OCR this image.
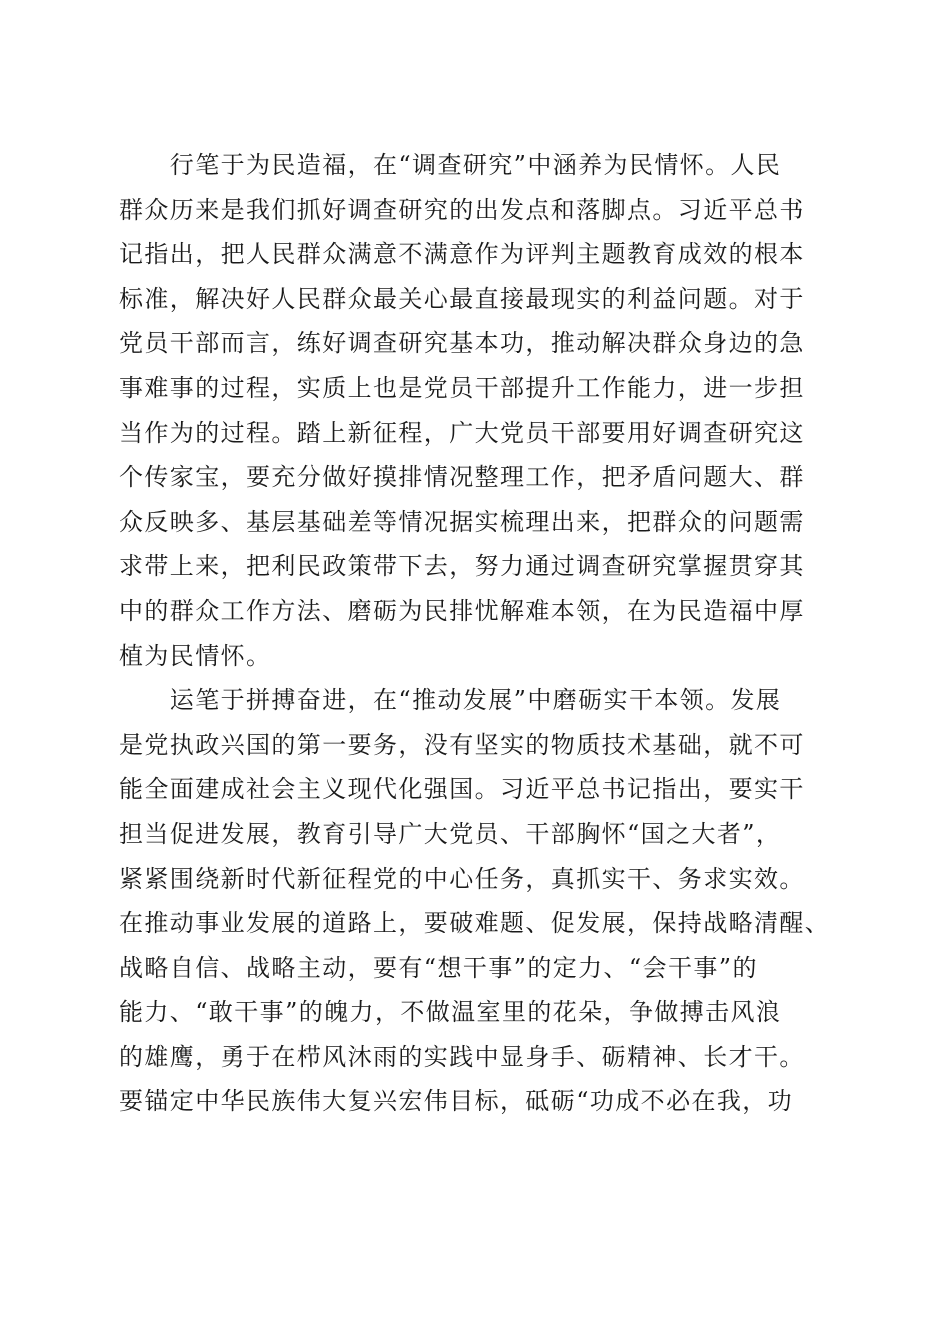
　　行笔于为民造福，在“调查研究”中涵养为民情怀。人民
群众历来是我们抓好调查研究的出发点和落脚点。习近平总书
记指出，把人民群众满意不满意作为评判主题教育成效的根本
标准，解决好人民群众最关心最直接最现实的利益问题。对于
党员干部而言，练好调查研究基本功，推动解决群众身边的急
事难事的过程，实质上也是党员干部提升工作能力，进一步担
当作为的过程。踏上新征程，广大党员干部要用好调查研究这
个传家宝，要充分做好摸排情况整理工作，把矛盾问题大、群
众反映多、基层基础差等情况据实梳理出来，把群众的问题需
求带上来，把利民政策带下去，努力通过调查研究掌握贯穿其
中的群众工作方法、磨砺为民排忧解难本领，在为民造福中厚
植为民情怀。
　　运笔于拼搏奋进，在“推动发展”中磨砺实干本领。发展
是党执政兴国的第一要务，没有坚实的物质技术基础，就不可
能全面建成社会主义现代化强国。习近平总书记指出，要实干
担当促进发展，教育引导广大党员、干部胸怀“国之大者”，
紧紧围绕新时代新征程党的中心任务，真抓实干、务求实效。
在推动事业发展的道路上，要破难题、促发展，保持战略清醒、
战略自信、战略主动，要有“想干事”的定力、“会干事”的
能力、“敢干事”的魄力，不做温室里的花朵，争做搏击风浪
的雄鹰，勇于在栉风沐雨的实践中显身手、砺精神、长才干。
要锚定中华民族伟大复兴宏伟目标，砥砺“功成不必在我，功
